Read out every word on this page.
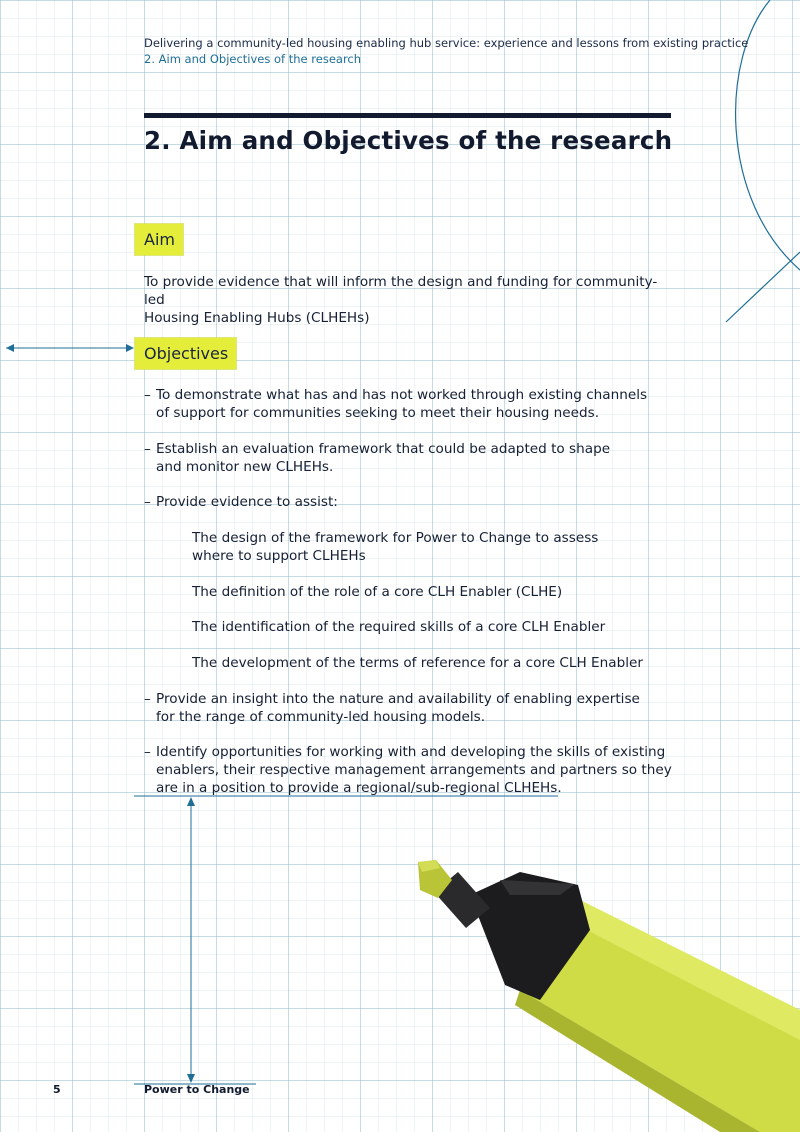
Delivering a community-led housing enabling hub service: experience and lessons from existing practice
2. Aim and Objectives of the research
2. Aim and Objectives of the research
Aim

To provide evidence that will inform the design and funding for community-led
Housing Enabling Hubs (CLHEHs)

Objectives
– To demonstrate what has and has not worked through existing channels
of support for communities seeking to meet their housing needs.
– Establish an evaluation framework that could be adapted to shape
and monitor new CLHEHs.
– Provide evidence to assist:
The design of the framework for Power to Change to assess
where to support CLHEHs
The definition of the role of a core CLH Enabler (CLHE)
The identification of the required skills of a core CLH Enabler
The development of the terms of reference for a core CLH Enabler
– Provide an insight into the nature and availability of enabling expertise
for the range of community-led housing models.
– Identify opportunities for working with and developing the skills of existing
enablers, their respective management arrangements and partners so they
are in a position to provide a regional/sub-regional CLHEHs.
5	Power to Change
